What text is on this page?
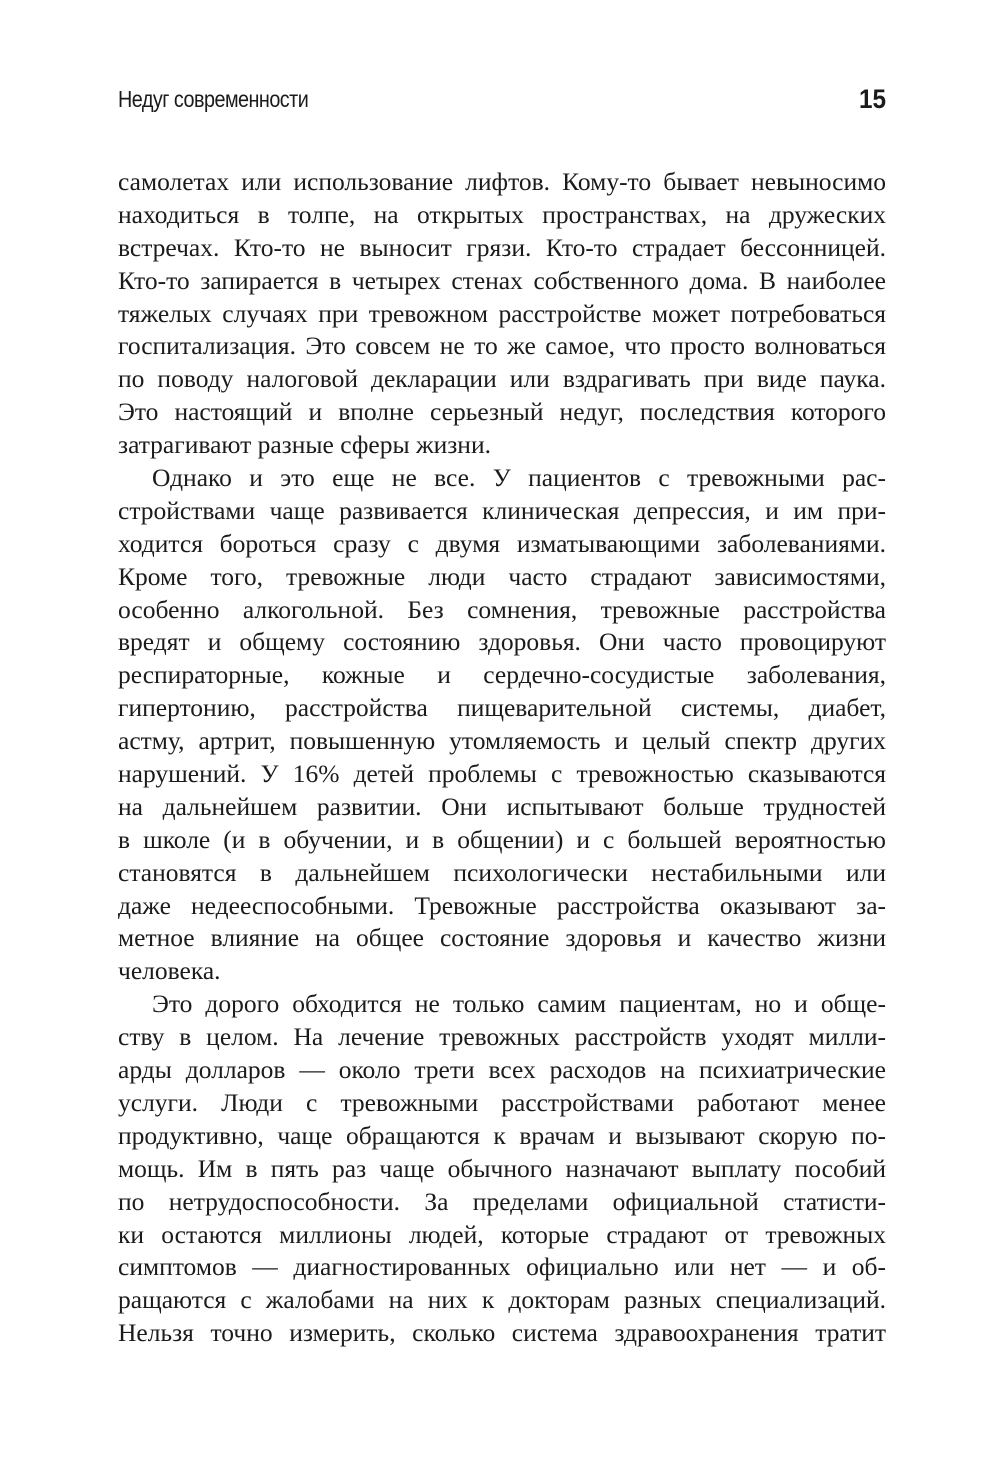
Недуг современности	15
самолетах или использование лифтов. Кому-то бывает невыносимо
находиться в толпе, на открытых пространствах, на дружеских
встречах. Кто-то не выносит грязи. Кто-то страдает бессонницей.
Кто-то запирается в четырех стенах собственного дома. В наиболее
тяжелых случаях при тревожном расстройстве может потребоваться
госпитализация. Это совсем не то же самое, что просто волноваться
по поводу налоговой декларации или вздрагивать при виде паука.
Это настоящий и вполне серьезный недуг, последствия которого
затрагивают разные сферы жизни.
Однако и это еще не все. У пациентов с тревожными рас-
стройствами чаще развивается клиническая депрессия, и им при-
ходится бороться сразу с двумя изматывающими заболеваниями.
Кроме того, тревожные люди часто страдают зависимостями,
особенно алкогольной. Без сомнения, тревожные расстройства
вредят и общему состоянию здоровья. Они часто провоцируют
респираторные, кожные и сердечно-сосудистые заболевания,
гипертонию, расстройства пищеварительной системы, диабет,
астму, артрит, повышенную утомляемость и целый спектр других
нарушений. У 16% детей проблемы с тревожностью сказываются
на дальнейшем развитии. Они испытывают больше трудностей
в школе (и в обучении, и в общении) и с большей вероятностью
становятся в дальнейшем психологически нестабильными или
даже недееспособными. Тревожные расстройства оказывают за-
метное влияние на общее состояние здоровья и качество жизни
человека.
Это дорого обходится не только самим пациентам, но и обще-
ству в целом. На лечение тревожных расстройств уходят милли-
арды долларов — около трети всех расходов на психиатрические
услуги. Люди с тревожными расстройствами работают менее
продуктивно, чаще обращаются к врачам и вызывают скорую по-
мощь. Им в пять раз чаще обычного назначают выплату пособий
по нетрудоспособности. За пределами официальной статисти-
ки остаются миллионы людей, которые страдают от тревожных
симптомов — диагностированных официально или нет — и об-
ращаются с жалобами на них к докторам разных специализаций.
Нельзя точно измерить, сколько система здравоохранения тратит
